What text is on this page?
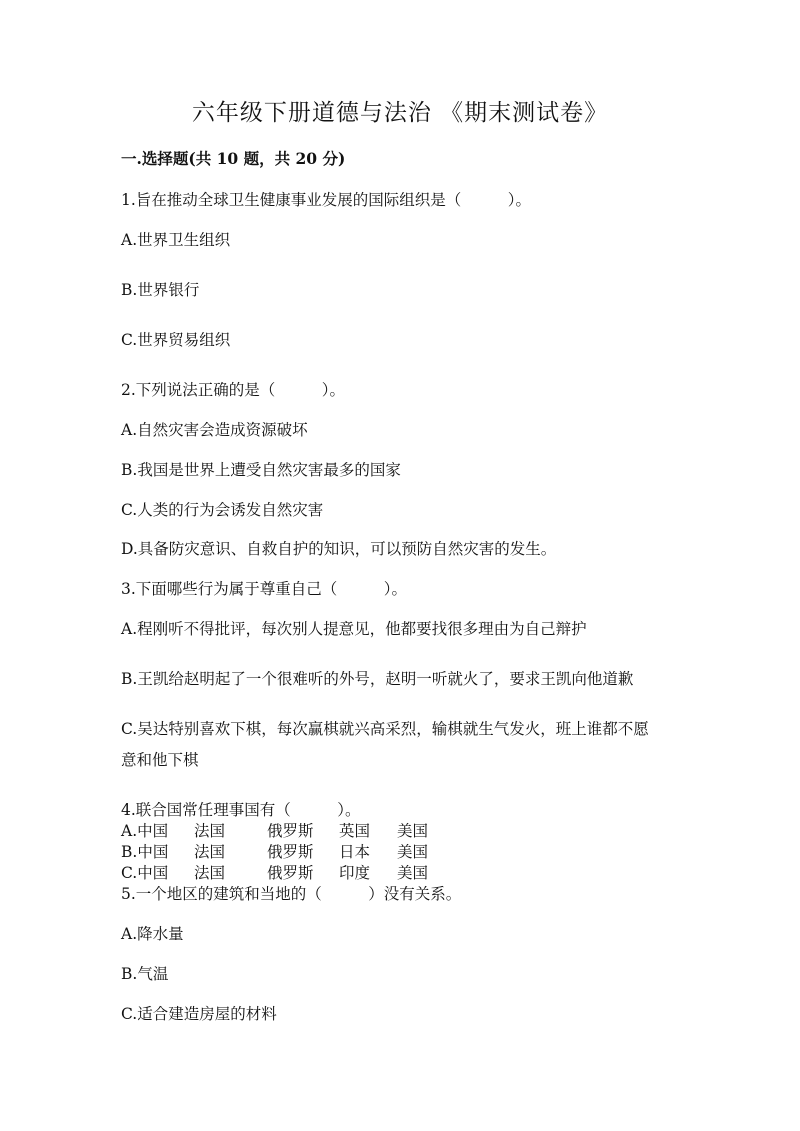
六年级下册道德与法治 《期末测试卷》
一.选择题(共 10 题，共 20 分)
1.旨在推动全球卫生健康事业发展的国际组织是（　　　）。
A.世界卫生组织
B.世界银行
C.世界贸易组织
2.下列说法正确的是（　　　）。
A.自然灾害会造成资源破坏
B.我国是世界上遭受自然灾害最多的国家
C.人类的行为会诱发自然灾害
D.具备防灾意识、自救自护的知识，可以预防自然灾害的发生。
3.下面哪些行为属于尊重自己（　　　）。
A.程刚听不得批评，每次别人提意见，他都要找很多理由为自己辩护
B.王凯给赵明起了一个很难听的外号，赵明一听就火了，要求王凯向他道歉
C.吴达特别喜欢下棋，每次赢棋就兴高采烈，输棋就生气发火，班上谁都不愿
意和他下棋
4.联合国常任理事国有（　　　）。
A.中国 法国	俄罗斯 英国 美国
B.中国 法国	俄罗斯 日本 美国
C.中国 法国	俄罗斯 印度 美国
5.一个地区的建筑和当地的（　　　）没有关系。
A.降水量
B.气温
C.适合建造房屋的材料
